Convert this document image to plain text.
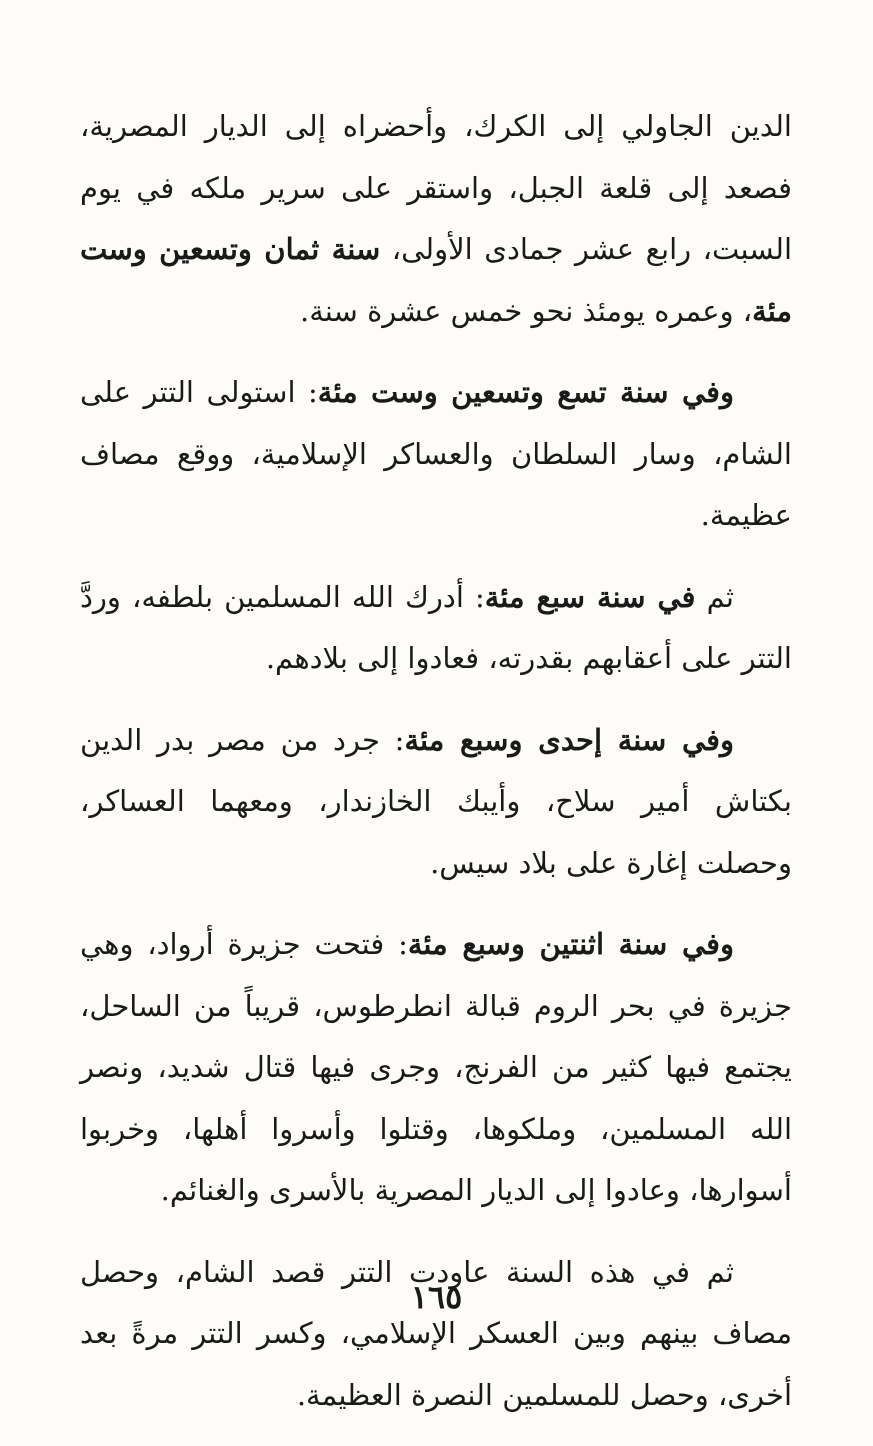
الدين الجاولي إلى الكرك، وأحضراه إلى الديار المصرية، فصعد إلى قلعة الجبل، واستقر على سرير ملكه في يوم السبت، رابع عشر جمادى الأولى، سنة ثمان وتسعين وست مئة، وعمره يومئذ نحو خمس عشرة سنة.

وفي سنة تسع وتسعين وست مئة: استولى التتر على الشام، وسار السلطان والعساكر الإسلامية، ووقع مصاف عظيمة.

ثم في سنة سبع مئة: أدرك الله المسلمين بلطفه، وردَّ التتر على أعقابهم بقدرته، فعادوا إلى بلادهم.

وفي سنة إحدى وسبع مئة: جرد من مصر بدر الدين بكتاش أمير سلاح، وأيبك الخازندار، ومعهما العساكر، وحصلت إغارة على بلاد سيس.

وفي سنة اثنتين وسبع مئة: فتحت جزيرة أرواد، وهي جزيرة في بحر الروم قبالة انطرطوس، قريباً من الساحل، يجتمع فيها كثير من الفرنج، وجرى فيها قتال شديد، ونصر الله المسلمين، وملكوها، وقتلوا وأسروا أهلها، وخربوا أسوارها، وعادوا إلى الديار المصرية بالأسرى والغنائم.

ثم في هذه السنة عاودت التتر قصد الشام، وحصل مصاف بينهم وبين العسكر الإسلامي، وكسر التتر مرةً بعد أخرى، وحصل للمسلمين النصرة العظيمة.

١٦٥
